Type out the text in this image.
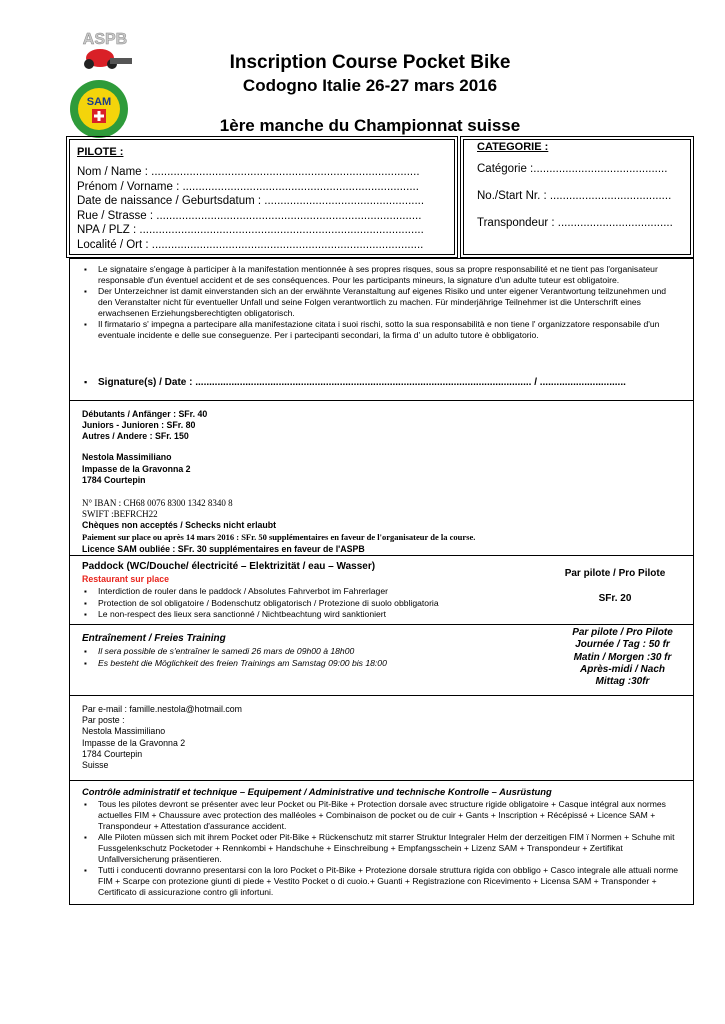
ASPB
SAM
Inscription Course Pocket Bike
Codogno Italie 26-27 mars 2016
1ère manche du Championnat suisse
PILOTE :
Nom / Name : ....................................................................................
Prénom / Vorname : ..........................................................................
Date de naissance / Geburtsdatum : ..................................................
Rue / Strasse : ...................................................................................
NPA / PLZ : .........................................................................................
Localité / Ort : .....................................................................................
CATEGORIE :
Catégorie :..........................................
No./Start Nr. : ......................................
Transpondeur : ....................................
▪ Le signataire s'engage à participer à la manifestation mentionnée à ses propres risques, sous sa propre responsabilité et ne tient pas l'organisateur responsable d'un éventuel accident et de ses conséquences. Pour les participants mineurs, la signature d'un adulte tuteur est obligatoire.
▪ Der Unterzeichner ist damit einverstanden sich an der erwähnte Veranstaltung auf eigenes Risiko und unter eigener Verantwortung teilzunehmen und den Veranstalter nicht für eventueller Unfall und seine Folgen verantwortlich zu machen. Für minderjährige Teilnehmer ist die Unterschrift eines erwachsenen Erziehungsberechtigten obligatorisch.
▪ Il firmatario s' impegna a partecipare alla manifestazione citata i suoi rischi, sotto la sua responsabilità e non tiene l' organizzatore responsabile d'un eventuale incidente e delle sue conseguenze. Per i partecipanti secondari, la firma d' un adulto tutore è obbligatorio.
▪ Signature(s) / Date : ......................................................................................................................... / ...............................
Débutants / Anfänger : SFr. 40
Juniors - Junioren : SFr. 80
Autres / Andere : SFr. 150
Nestola Massimiliano
Impasse de la Gravonna 2
1784 Courtepin
N° IBAN : CH68 0076 8300 1342 8340 8
SWIFT :BEFRCH22
Chèques non acceptés / Schecks nicht erlaubt
Paiement sur place ou après 14 mars 2016 : SFr. 50 supplémentaires en faveur de l'organisateur de la course.
Licence SAM oubliée : SFr. 30 supplémentaires en faveur de l'ASPB
Paddock (WC/Douche/ électricité – Elektrizität / eau – Wasser)
Restaurant sur place
▪ Interdiction de rouler dans le paddock / Absolutes Fahrverbot im Fahrerlager
▪ Protection de sol obligatoire / Bodenschutz obligatorisch / Protezione di suolo obbligatoria
▪ Le non-respect des lieux sera sanctionné / Nichtbeachtung wird sanktioniert
Par pilote / Pro Pilote
SFr. 20
Entraînement / Freies Training
▪ Il sera possible de s'entraîner le samedi 26 mars de 09h00 à 18h00
▪ Es besteht die Möglichkeit des freien Trainings am Samstag 09:00 bis 18:00
Par pilote / Pro Pilote
Journée / Tag : 50 fr
Matin / Morgen :30 fr
Après-midi / Nach
Mittag :30fr
Par e-mail : famille.nestola@hotmail.com
Par poste :
Nestola Massimiliano
Impasse de la Gravonna 2
1784 Courtepin
Suisse
Contrôle administratif et technique – Equipement / Administrative und technische Kontrolle – Ausrüstung
▪ Tous les pilotes devront se présenter avec leur Pocket ou Pit-Bike + Protection dorsale avec structure rigide obligatoire + Casque intégral aux normes actuelles FIM + Chaussure avec protection des malléoles + Combinaison de pocket ou de cuir + Gants + Inscription + Récépissé + Licence SAM + Transpondeur + Attestation d'assurance accident.
▪ Alle Piloten müssen sich mit ihrem Pocket oder Pit-Bike + Rückenschutz mit starrer Struktur Integraler Helm der derzeitigen FIM ï Normen + Schuhe mit Fussgelenkschutz Pocketoder + Rennkombi + Handschuhe + Einschreibung + Empfangsschein + Lizenz SAM + Transpondeur + Zertifikat Unfallversicherung präsentieren.
▪ Tutti i conducenti dovranno presentarsi con la loro Pocket o Pit-Bike + Protezione dorsale struttura rigida con obbligo + Casco integrale alle attuali norme FIM + Scarpe con protezione giunti di piede + Vestito Pocket o di cuoio.+ Guanti + Registrazione con Ricevimento + Licensa SAM + Transponder + Certificato di assicurazione contro gli infortuni.
